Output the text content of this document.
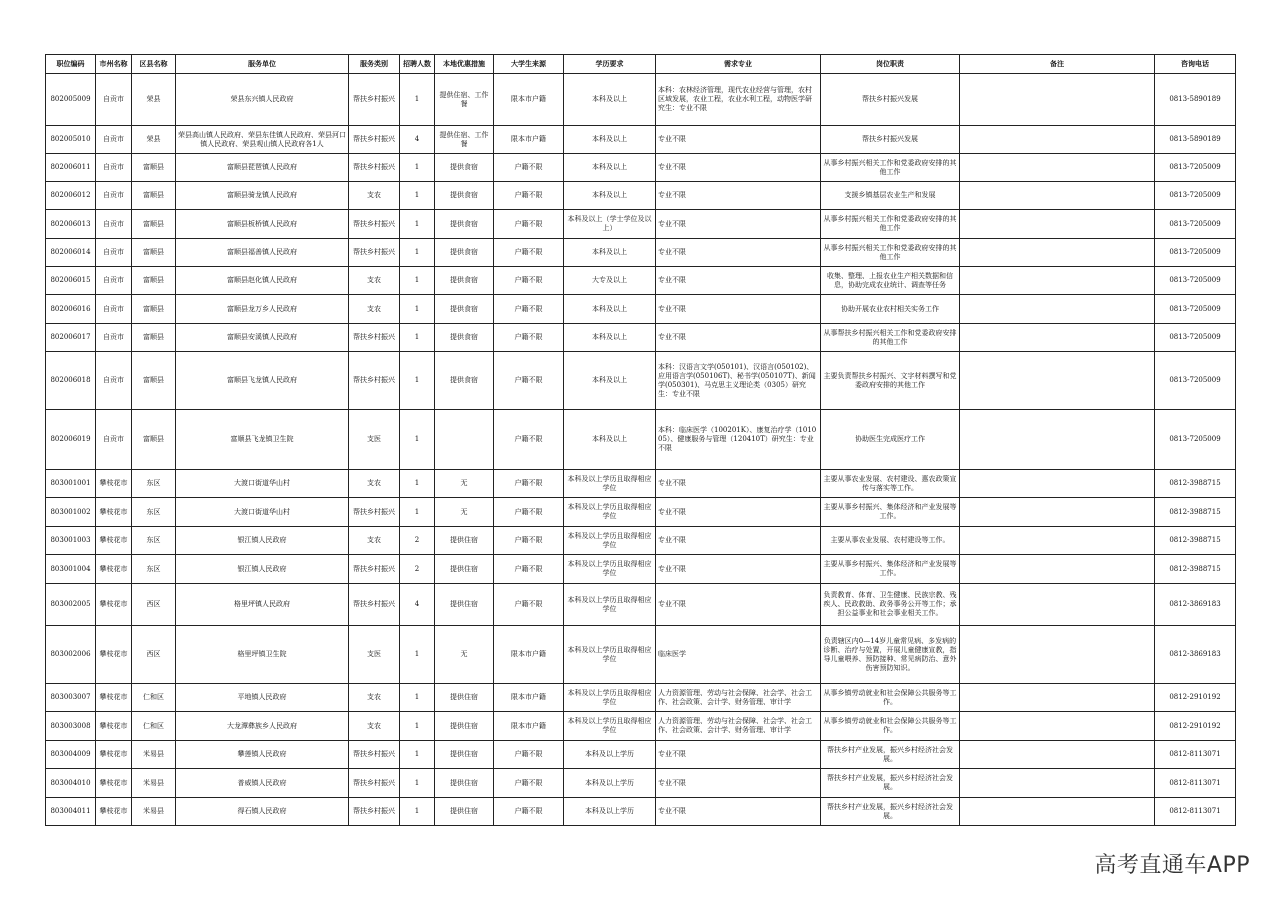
职位编码	市州名称	区县名称	服务单位	服务类别	招聘人数	本地优惠措施	大学生来源	学历要求	需求专业	岗位职责	备注	咨询电话
802005009	自贡市	荣县	荣县东兴镇人民政府	帮扶乡村振兴	1	提供住宿、工作餐	限本市户籍	本科及以上	本科：农林经济管理，现代农业经营与管理，农村区域发展，农业工程，农业水利工程，动物医学研究生：专业不限	帮扶乡村振兴发展		0813-5890189
802005010	自贡市	荣县	荣县高山镇人民政府、荣县东佳镇人民政府、荣县河口镇人民政府、荣县观山镇人民政府各1人	帮扶乡村振兴	4	提供住宿、工作餐	限本市户籍	本科及以上	专业不限	帮扶乡村振兴发展		0813-5890189
802006011	自贡市	富顺县	富顺县琵琶镇人民政府	帮扶乡村振兴	1	提供食宿	户籍不限	本科及以上	专业不限	从事乡村振兴相关工作和党委政府安排的其他工作		0813-7205009
802006012	自贡市	富顺县	富顺县骑龙镇人民政府	支农	1	提供食宿	户籍不限	本科及以上	专业不限	支援乡镇基层农业生产和发展		0813-7205009
802006013	自贡市	富顺县	富顺县板桥镇人民政府	帮扶乡村振兴	1	提供食宿	户籍不限	本科及以上（学士学位及以上）	专业不限	从事乡村振兴相关工作和党委政府安排的其他工作		0813-7205009
802006014	自贡市	富顺县	富顺县福善镇人民政府	帮扶乡村振兴	1	提供食宿	户籍不限	本科及以上	专业不限	从事乡村振兴相关工作和党委政府安排的其他工作		0813-7205009
802006015	自贡市	富顺县	富顺县赵化镇人民政府	支农	1	提供食宿	户籍不限	大专及以上	专业不限	收集、整理、上报农业生产相关数据和信息，协助完成农业统计、调查等任务		0813-7205009
802006016	自贡市	富顺县	富顺县龙万乡人民政府	支农	1	提供食宿	户籍不限	本科及以上	专业不限	协助开展农业农村相关实务工作		0813-7205009
802006017	自贡市	富顺县	富顺县安溪镇人民政府	帮扶乡村振兴	1	提供食宿	户籍不限	本科及以上	专业不限	从事帮扶乡村振兴相关工作和党委政府安排的其他工作		0813-7205009
802006018	自贡市	富顺县	富顺县飞龙镇人民政府	帮扶乡村振兴	1	提供食宿	户籍不限	本科及以上	本科：汉语言文学(050101)、汉语言(050102)、应用语言学(050106T)、秘书学(050107T)、新闻学(050301)、马克思主义理论类（0305）研究生：专业不限	主要负责帮扶乡村振兴、文字材料撰写和党委政府安排的其他工作		0813-7205009
802006019	自贡市	富顺县	富顺县飞龙镇卫生院	支医	1		户籍不限	本科及以上	本科：临床医学（100201K）、康复治疗学（101005）、健康服务与管理（120410T）研究生：专业不限	协助医生完成医疗工作		0813-7205009
803001001	攀枝花市	东区	大渡口街道华山村	支农	1	无	户籍不限	本科及以上学历且取得相应学位	专业不限	主要从事农业发展、农村建设、惠农政策宣传与落实等工作。		0812-3988715
803001002	攀枝花市	东区	大渡口街道华山村	帮扶乡村振兴	1	无	户籍不限	本科及以上学历且取得相应学位	专业不限	主要从事乡村振兴、集体经济和产业发展等工作。		0812-3988715
803001003	攀枝花市	东区	银江镇人民政府	支农	2	提供住宿	户籍不限	本科及以上学历且取得相应学位	专业不限	主要从事农业发展、农村建设等工作。		0812-3988715
803001004	攀枝花市	东区	银江镇人民政府	帮扶乡村振兴	2	提供住宿	户籍不限	本科及以上学历且取得相应学位	专业不限	主要从事乡村振兴、集体经济和产业发展等工作。		0812-3988715
803002005	攀枝花市	西区	格里坪镇人民政府	帮扶乡村振兴	4	提供住宿	户籍不限	本科及以上学历且取得相应学位	专业不限	负责教育、体育、卫生健康、民族宗教、残疾人、民政救助、政务事务公开等工作；承担公益事业和社会事业相关工作。		0812-3869183
803002006	攀枝花市	西区	格里坪镇卫生院	支医	1	无	限本市户籍	本科及以上学历且取得相应学位	临床医学	负责辖区内0—14岁儿童常见病、多发病的诊断、治疗与处置，开展儿童健康宣教，指导儿童喂养、预防接种、常见病防治、意外伤害预防知识。		0812-3869183
803003007	攀枝花市	仁和区	平地镇人民政府	支农	1	提供住宿	限本市户籍	本科及以上学历且取得相应学位	人力资源管理、劳动与社会保障、社会学、社会工作、社会政策、会计学、财务管理、审计学	从事乡镇劳动就业和社会保障公共服务等工作。		0812-2910192
803003008	攀枝花市	仁和区	大龙潭彝族乡人民政府	支农	1	提供住宿	限本市户籍	本科及以上学历且取得相应学位	人力资源管理、劳动与社会保障、社会学、社会工作、社会政策、会计学、财务管理、审计学	从事乡镇劳动就业和社会保障公共服务等工作。		0812-2910192
803004009	攀枝花市	米易县	攀莲镇人民政府	帮扶乡村振兴	1	提供住宿	户籍不限	本科及以上学历	专业不限	帮扶乡村产业发展，振兴乡村经济社会发展。		0812-8113071
803004010	攀枝花市	米易县	普威镇人民政府	帮扶乡村振兴	1	提供住宿	户籍不限	本科及以上学历	专业不限	帮扶乡村产业发展，振兴乡村经济社会发展。		0812-8113071
803004011	攀枝花市	米易县	得石镇人民政府	帮扶乡村振兴	1	提供住宿	户籍不限	本科及以上学历	专业不限	帮扶乡村产业发展，振兴乡村经济社会发展。		0812-8113071
高考直通车APP
